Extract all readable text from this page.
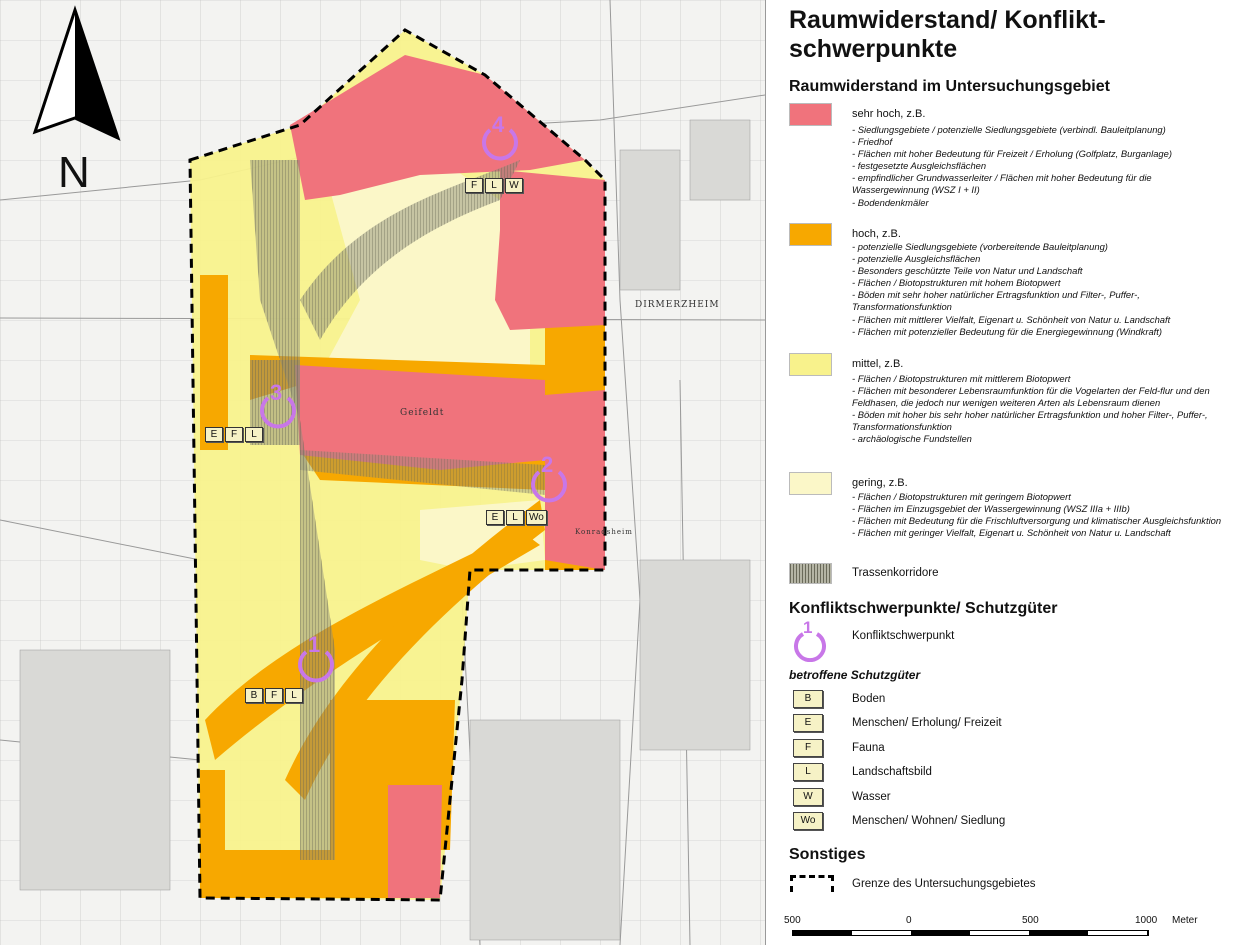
N
DIRMERZHEIM
Geifeldt
Konradsheim
4
2
3
1
F	L	W
E	L	Wo
E	F	L
B	F	L
Raumwiderstand/ Konflikt-schwerpunkte
Raumwiderstand im Untersuchungsgebiet
sehr hoch, z.B.
- Siedlungsgebiete / potenzielle Siedlungsgebiete (verbindl. Bauleitplanung)
- Friedhof
- Flächen mit hoher Bedeutung für Freizeit / Erholung (Golfplatz, Burganlage)
- festgesetzte Ausgleichsflächen
- empfindlicher Grundwasserleiter / Flächen mit hoher Bedeutung für die Wassergewinnung (WSZ I + II)
- Bodendenkmäler
hoch, z.B.
- potenzielle Siedlungsgebiete (vorbereitende Bauleitplanung)
- potenzielle Ausgleichsflächen
- Besonders geschützte Teile von Natur und Landschaft
- Flächen / Biotopstrukturen mit hohem Biotopwert
- Böden mit sehr hoher natürlicher Ertragsfunktion und Filter-, Puffer-, Transformationsfunktion
- Flächen mit mittlerer Vielfalt, Eigenart u. Schönheit von Natur u. Landschaft
- Flächen mit potenzieller Bedeutung für die Energiegewinnung (Windkraft)
mittel, z.B.
- Flächen / Biotopstrukturen mit mittlerem Biotopwert
- Flächen mit besonderer Lebensraumfunktion für die Vogelarten der Feld-flur und den Feldhasen, die jedoch nur wenigen weiteren Arten als Lebensraum dienen
- Böden mit hoher bis sehr hoher natürlicher Ertragsfunktion und hoher Filter-, Puffer-, Transformationsfunktion
- archäologische Fundstellen
gering, z.B.
- Flächen / Biotopstrukturen mit geringem Biotopwert
- Flächen im Einzugsgebiet der Wassergewinnung (WSZ IIIa + IIIb)
- Flächen mit Bedeutung für die Frischluftversorgung und klimatischer Ausgleichsfunktion
- Flächen mit geringer Vielfalt, Eigenart u. Schönheit von Natur u. Landschaft
Trassenkorridore
Konfliktschwerpunkte/ Schutzgüter
1	Konfliktschwerpunkt
betroffene Schutzgüter
B	Boden
E	Menschen/ Erholung/ Freizeit
F	Fauna
L	Landschaftsbild
W	Wasser
Wo	Menschen/ Wohnen/ Siedlung
Sonstiges
Grenze des Untersuchungsgebietes
500	0	500	1000 Meter
